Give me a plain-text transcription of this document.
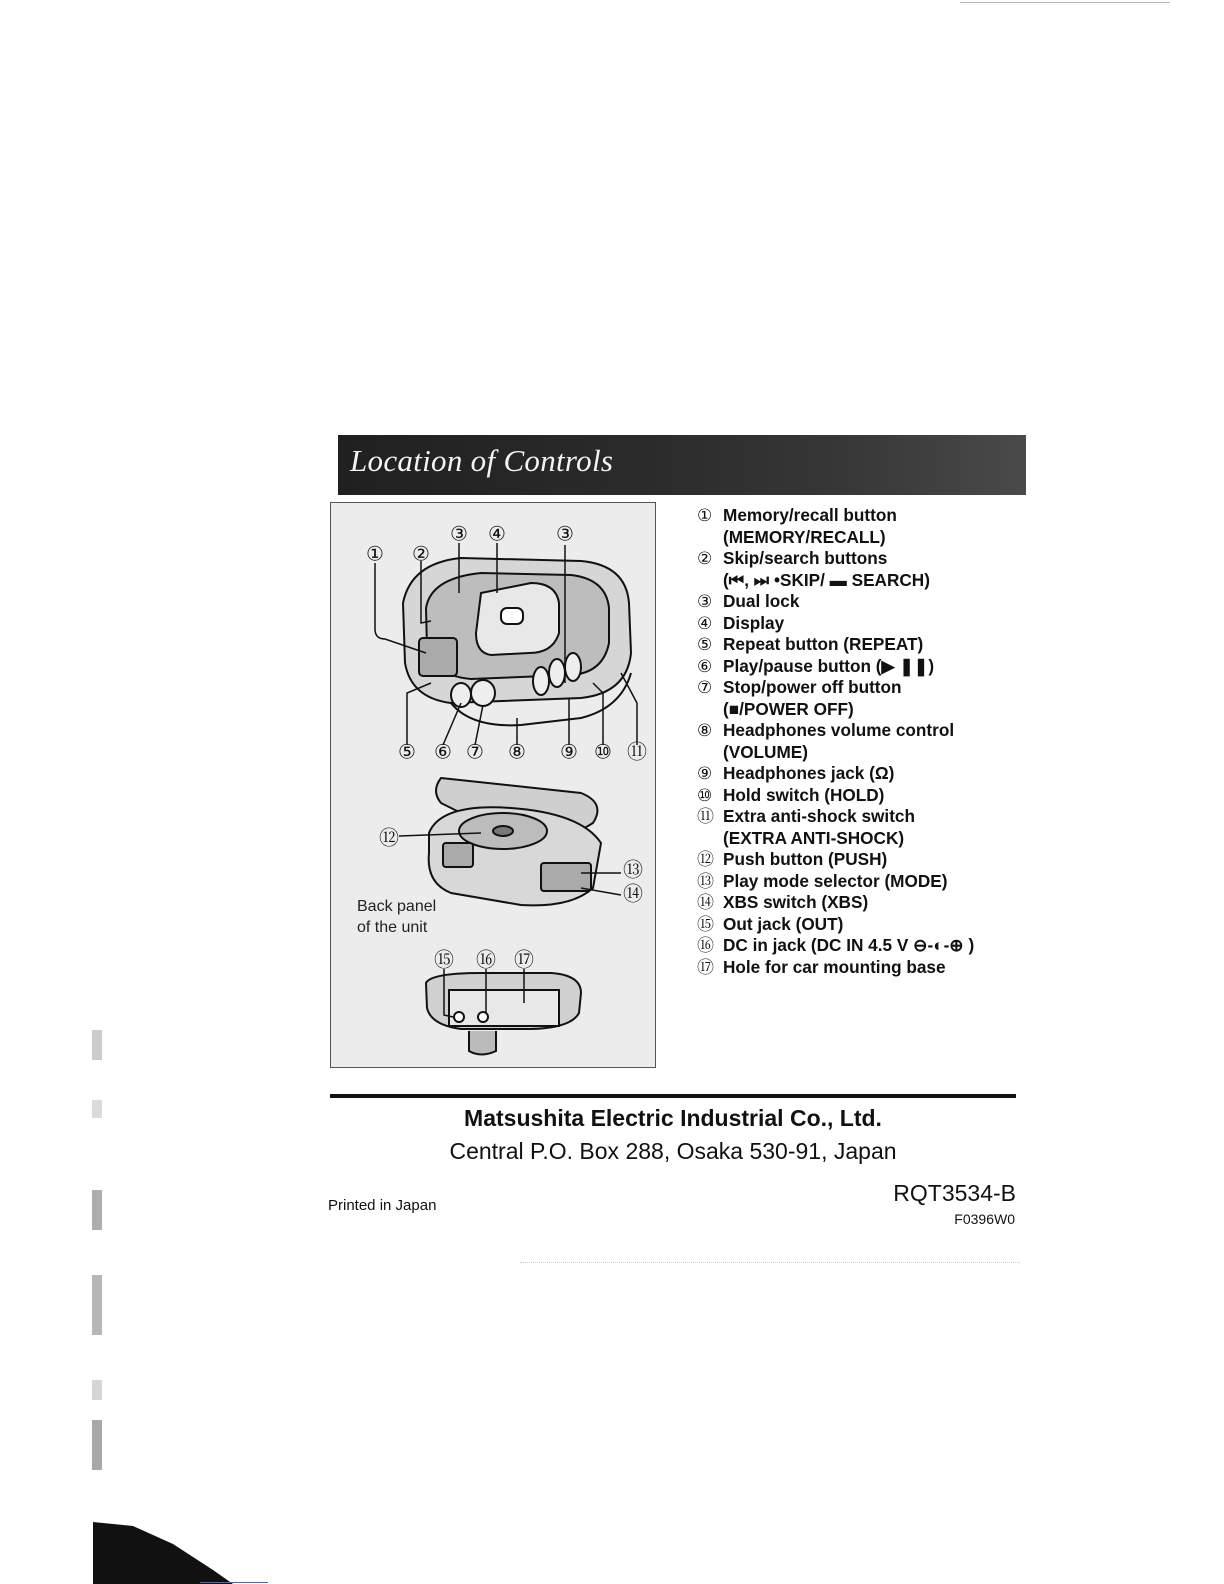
Location of Controls
① ②
③ ④	③
⑤ ⑥ ⑦ ⑧ ⑨ ⑩ ⑪
⑫
⑬
⑭
⑮ ⑯ ⑰

Back panel
of the unit

① Memory/recall button
(MEMORY/RECALL)
② Skip/search buttons
(⏮, ⏭ •SKIP/ ▬ SEARCH)
③ Dual lock
④ Display
⑤ Repeat button (REPEAT)
⑥ Play/pause button (▶ ❚❚)
⑦ Stop/power off button
(■/POWER OFF)
⑧ Headphones volume control
(VOLUME)
⑨ Headphones jack (Ω)
⑩ Hold switch (HOLD)
⑪ Extra anti-shock switch
(EXTRA ANTI-SHOCK)
⑫ Push button (PUSH)
⑬ Play mode selector (MODE)
⑭ XBS switch (XBS)
⑮ Out jack (OUT)
⑯ DC in jack (DC IN 4.5 V ⊖-◐-⊕ )
⑰ Hole for car mounting base

Matsushita Electric Industrial Co., Ltd.

Central P.O. Box 288, Osaka 530-91, Japan

Printed in Japan	RQT3534-B

F0396W0
